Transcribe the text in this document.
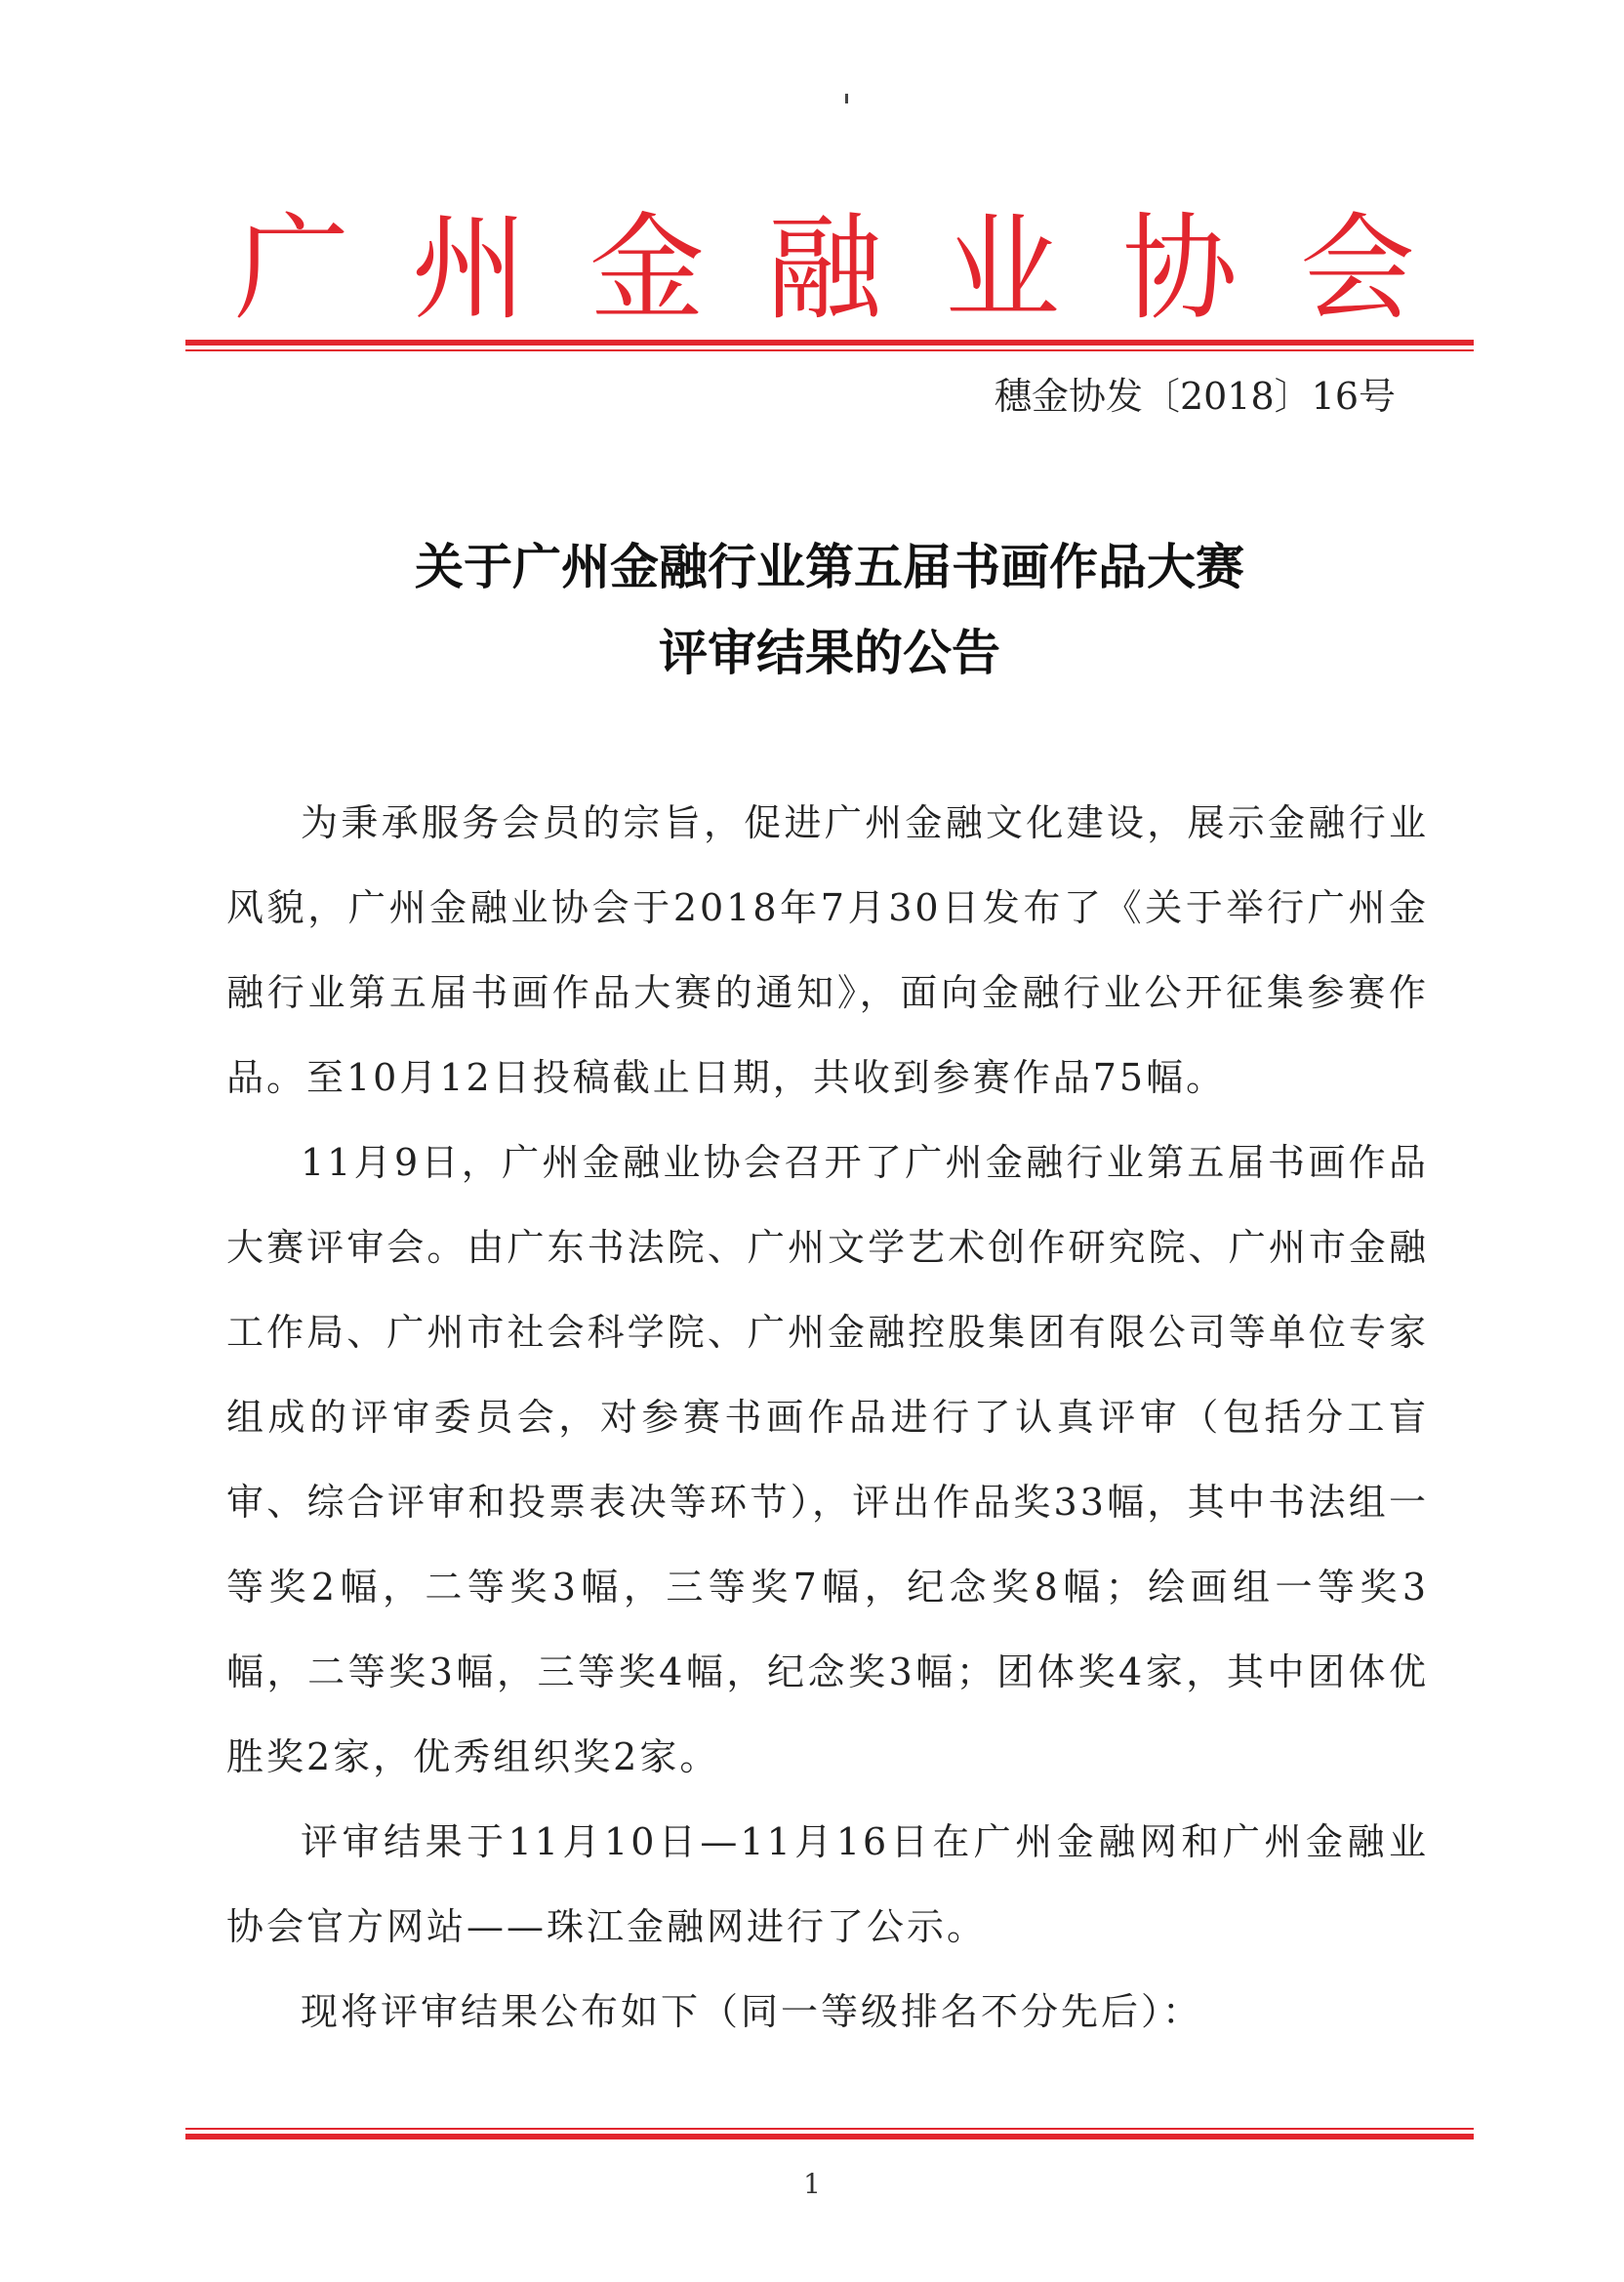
广 州 金 融 业 协 会
穗金协发〔2018〕16号
关于广州金融行业第五届书画作品大赛
评审结果的公告

为秉承服务会员的宗旨，促进广州金融文化建设，展示金融行业风貌，广州金融业协会于2018年7月30日发布了《关于举行广州金融行业第五届书画作品大赛的通知》，面向金融行业公开征集参赛作品。至10月12日投稿截止日期，共收到参赛作品75幅。

11月9日，广州金融业协会召开了广州金融行业第五届书画作品大赛评审会。由广东书法院、广州文学艺术创作研究院、广州市金融工作局、广州市社会科学院、广州金融控股集团有限公司等单位专家组成的评审委员会，对参赛书画作品进行了认真评审（包括分工盲审、综合评审和投票表决等环节），评出作品奖33幅，其中书法组一等奖2幅，二等奖3幅，三等奖7幅，纪念奖8幅；绘画组一等奖3幅，二等奖3幅，三等奖4幅，纪念奖3幅；团体奖4家，其中团体优胜奖2家，优秀组织奖2家。

评审结果于11月10日—11月16日在广州金融网和广州金融业协会官方网站——珠江金融网进行了公示。

现将评审结果公布如下（同一等级排名不分先后）：

1
